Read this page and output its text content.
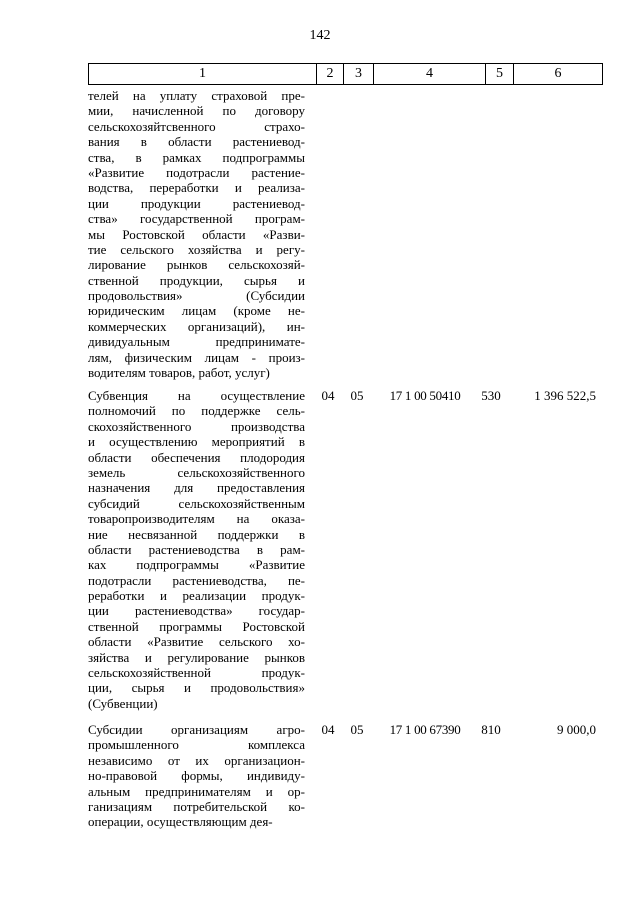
142
1	2	3	4	5	6
телей на уплату страховой пре-
мии, начисленной по договору
сельскохозяйтсвенного страхо-
вания в области растениевод-
ства, в рамках подпрограммы
«Развитие подотрасли растение-
водства, переработки и реализа-
ции продукции растениевод-
ства» государственной програм-
мы Ростовской области «Разви-
тие сельского хозяйства и регу-
лирование рынков сельскохозяй-
ственной продукции, сырья и
продовольствия» (Субсидии
юридическим лицам (кроме не-
коммерческих организаций), ин-
дивидуальным предпринимате-
лям, физическим лицам - произ-
водителям товаров, работ, услуг)
Субвенция на осуществление
полномочий по поддержке сель-
скохозяйственного производства
и осуществлению мероприятий в
области обеспечения плодородия
земель сельскохозяйственного
назначения для предоставления
субсидий сельскохозяйственным
товаропроизводителям на оказа-
ние несвязанной поддержки в
области растениеводства в рам-
ках подпрограммы «Развитие
подотрасли растениеводства, пе-
реработки и реализации продук-
ции растениеводства» государ-
ственной программы Ростовской
области «Развитие сельского хо-
зяйства и регулирование рынков
сельскохозяйственной продук-
ции, сырья и продовольствия»
(Субвенции)
04	05	17 1 00 50410	530	1 396 522,5
Субсидии организациям агро-
промышленного комплекса
независимо от их организацион-
но-правовой формы, индивиду-
альным предпринимателям и ор-
ганизациям потребительской ко-
операции, осуществляющим дея-
04	05	17 1 00 67390	810	9 000,0
